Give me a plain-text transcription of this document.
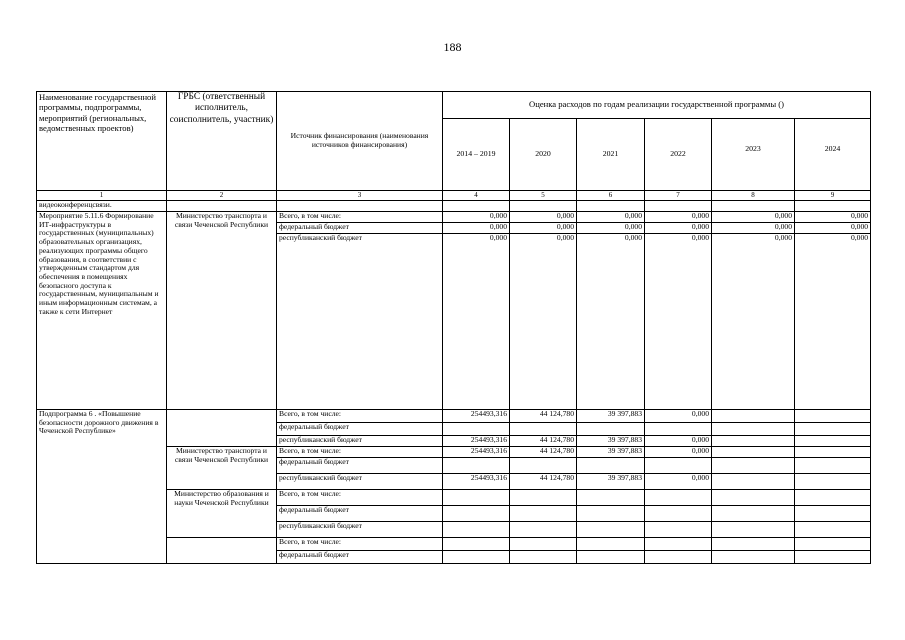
188
Наименование государственной программы, подпрограммы, мероприятий (региональных, ведомственных проектов)	ГРБС (ответственный исполнитель, соисполнитель, участник)	Источник финансирования (наименования источников финансирования)	Оценка расходов по годам реализации государственной программы ()					
			2014 – 2019	2020	2021	2022	2023	2024
1	2	3	4	5	6	7	8	9
видеоконференцсвязи.								
Мероприятие 5.11.6 Формирование ИТ-инфраструктуры в государственных (муниципальных) образовательных организациях, реализующих программы общего образования, в соответствии с утвержденным стандартом для обеспечения в помещениях безопасного доступа к государственным, муниципальным и иным информационным системам, а также к сети Интернет	Министерство транспорта и связи Чеченской Республики	Всего, в том числе:	0,000	0,000	0,000	0,000	0,000	0,000
		федеральный бюджет	0,000	0,000	0,000	0,000	0,000	0,000
		республиканский бюджет	0,000	0,000	0,000	0,000	0,000	0,000
Подпрограмма 6 . «Повышение безопасности дорожного движения в Чеченской Республике»		Всего, в том числе:	254493,316	44 124,780	39 397,883	0,000		
		федеральный бюджет						
		республиканский бюджет	254493,316	44 124,780	39 397,883	0,000		
	Министерство транспорта и связи Чеченской Республики	Всего, в том числе:	254493,316	44 124,780	39 397,883	0,000		
		федеральный бюджет						
		республиканский бюджет	254493,316	44 124,780	39 397,883	0,000		
	Министерство образования и науки Чеченской Республики	Всего, в том числе:						
		федеральный бюджет						
		республиканский бюджет						
		Всего, в том числе:						
		федеральный бюджет						
